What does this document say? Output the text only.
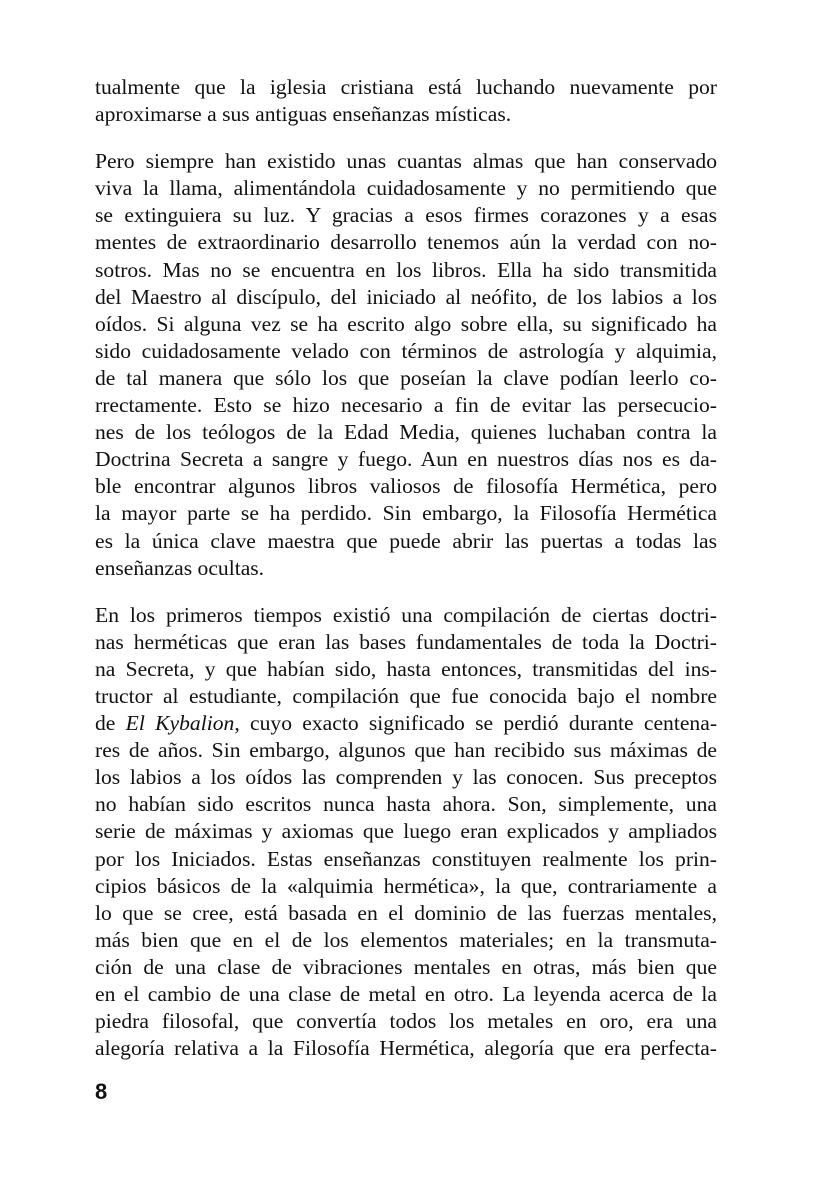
tualmente que la iglesia cristiana está luchando nuevamente por
aproximarse a sus antiguas enseñanzas místicas.
Pero siempre han existido unas cuantas almas que han conservado
viva la llama, alimentándola cuidadosamente y no permitiendo que
se extinguiera su luz. Y gracias a esos firmes corazones y a esas
mentes de extraordinario desarrollo tenemos aún la verdad con no-
sotros. Mas no se encuentra en los libros. Ella ha sido transmitida
del Maestro al discípulo, del iniciado al neófito, de los labios a los
oídos. Si alguna vez se ha escrito algo sobre ella, su significado ha
sido cuidadosamente velado con términos de astrología y alquimia,
de tal manera que sólo los que poseían la clave podían leerlo co-
rrectamente. Esto se hizo necesario a fin de evitar las persecucio-
nes de los teólogos de la Edad Media, quienes luchaban contra la
Doctrina Secreta a sangre y fuego. Aun en nuestros días nos es da-
ble encontrar algunos libros valiosos de filosofía Hermética, pero
la mayor parte se ha perdido. Sin embargo, la Filosofía Hermética
es la única clave maestra que puede abrir las puertas a todas las
enseñanzas ocultas.
En los primeros tiempos existió una compilación de ciertas doctri-
nas herméticas que eran las bases fundamentales de toda la Doctri-
na Secreta, y que habían sido, hasta entonces, transmitidas del ins-
tructor al estudiante, compilación que fue conocida bajo el nombre
de El Kybalion, cuyo exacto significado se perdió durante centena-
res de años. Sin embargo, algunos que han recibido sus máximas de
los labios a los oídos las comprenden y las conocen. Sus preceptos
no habían sido escritos nunca hasta ahora. Son, simplemente, una
serie de máximas y axiomas que luego eran explicados y ampliados
por los Iniciados. Estas enseñanzas constituyen realmente los prin-
cipios básicos de la «alquimia hermética», la que, contrariamente a
lo que se cree, está basada en el dominio de las fuerzas mentales,
más bien que en el de los elementos materiales; en la transmuta-
ción de una clase de vibraciones mentales en otras, más bien que
en el cambio de una clase de metal en otro. La leyenda acerca de la
piedra filosofal, que convertía todos los metales en oro, era una
alegoría relativa a la Filosofía Hermética, alegoría que era perfecta-
8
